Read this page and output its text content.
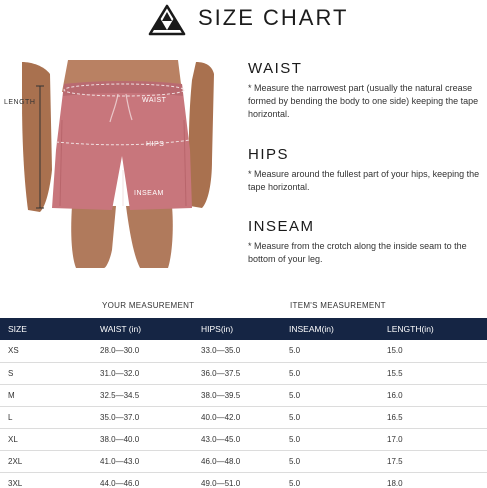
SIZE CHART
LENGTH	WAIST
HIPS
INSEAM
WAIST

* Measure the narrowest part (usually the natural crease formed by bending the body to one side) keeping the tape horizontal.

HIPS

* Measure around the fullest part of your hips, keeping the tape horizontal.

INSEAM

* Measure from the crotch along the inside seam to the bottom of your leg.

YOUR MEASUREMENT	ITEM'S MEASUREMENT
SIZE	WAIST (in)	HIPS(in)	INSEAM(in)	LENGTH(in)
XS	28.0—30.0	33.0—35.0	5.0	15.0
S	31.0—32.0	36.0—37.5	5.0	15.5
M	32.5—34.5	38.0—39.5	5.0	16.0
L	35.0—37.0	40.0—42.0	5.0	16.5
XL	38.0—40.0	43.0—45.0	5.0	17.0
2XL	41.0—43.0	46.0—48.0	5.0	17.5
3XL	44.0—46.0	49.0—51.0	5.0	18.0
